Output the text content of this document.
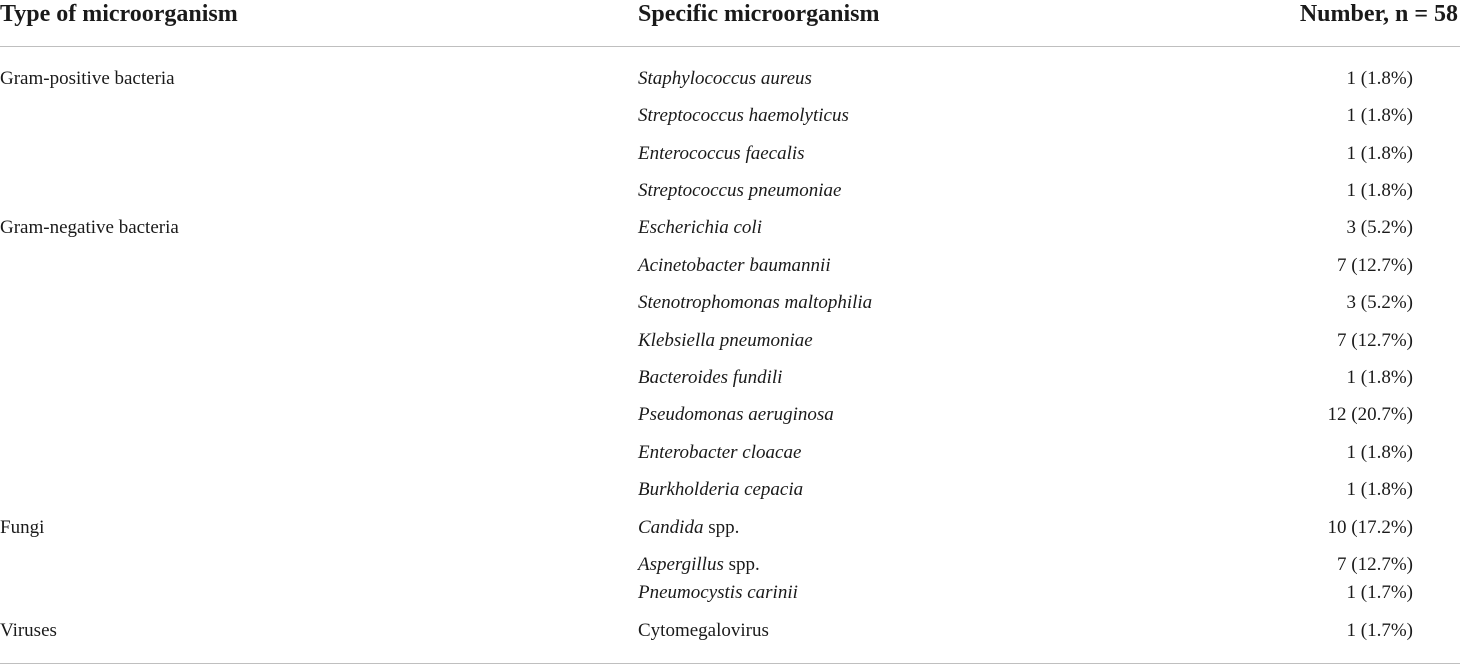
Type of microorganism	Specific microorganism	Number, n = 58
Gram-positive bacteria	Staphylococcus aureus	1 (1.8%)
Streptococcus haemolyticus	1 (1.8%)
Enterococcus faecalis	1 (1.8%)
Streptococcus pneumoniae	1 (1.8%)
Gram-negative bacteria	Escherichia coli	3 (5.2%)
Acinetobacter baumannii	7 (12.7%)
Stenotrophomonas maltophilia	3 (5.2%)
Klebsiella pneumoniae	7 (12.7%)
Bacteroides fundili	1 (1.8%)
Pseudomonas aeruginosa	12 (20.7%)
Enterobacter cloacae	1 (1.8%)
Burkholderia cepacia	1 (1.8%)
Fungi	Candida spp.	10 (17.2%)
Aspergillus spp.	7 (12.7%)
Pneumocystis carinii	1 (1.7%)
Viruses	Cytomegalovirus	1 (1.7%)
